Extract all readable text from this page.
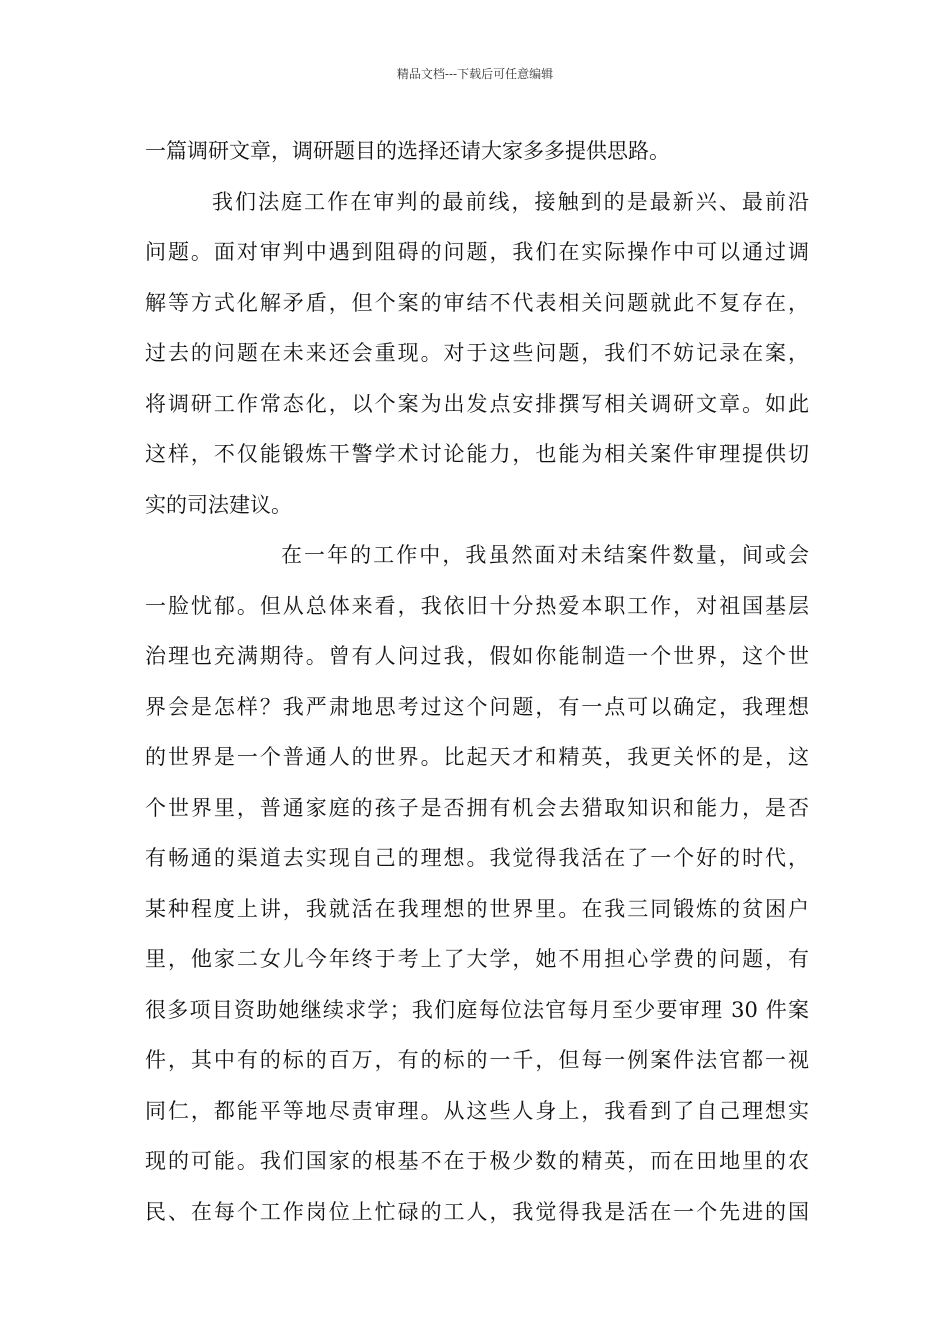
精品文档---下载后可任意编辑
一篇调研文章，调研题目的选择还请大家多多提供思路。
我们法庭工作在审判的最前线，接触到的是最新兴、最前沿
问题。面对审判中遇到阻碍的问题，我们在实际操作中可以通过调
解等方式化解矛盾，但个案的审结不代表相关问题就此不复存在，
过去的问题在未来还会重现。对于这些问题，我们不妨记录在案，
将调研工作常态化，以个案为出发点安排撰写相关调研文章。如此
这样，不仅能锻炼干警学术讨论能力，也能为相关案件审理提供切
实的司法建议。
在一年的工作中，我虽然面对未结案件数量，间或会
一脸忧郁。但从总体来看，我依旧十分热爱本职工作，对祖国基层
治理也充满期待。曾有人问过我，假如你能制造一个世界，这个世
界会是怎样？我严肃地思考过这个问题，有一点可以确定，我理想
的世界是一个普通人的世界。比起天才和精英，我更关怀的是，这
个世界里，普通家庭的孩子是否拥有机会去猎取知识和能力，是否
有畅通的渠道去实现自己的理想。我觉得我活在了一个好的时代，
某种程度上讲，我就活在我理想的世界里。在我三同锻炼的贫困户
里，他家二女儿今年终于考上了大学，她不用担心学费的问题，有
很多项目资助她继续求学；我们庭每位法官每月至少要审理 30 件案
件，其中有的标的百万，有的标的一千，但每一例案件法官都一视
同仁，都能平等地尽责审理。从这些人身上，我看到了自己理想实
现的可能。我们国家的根基不在于极少数的精英，而在田地里的农
民、在每个工作岗位上忙碌的工人，我觉得我是活在一个先进的国
